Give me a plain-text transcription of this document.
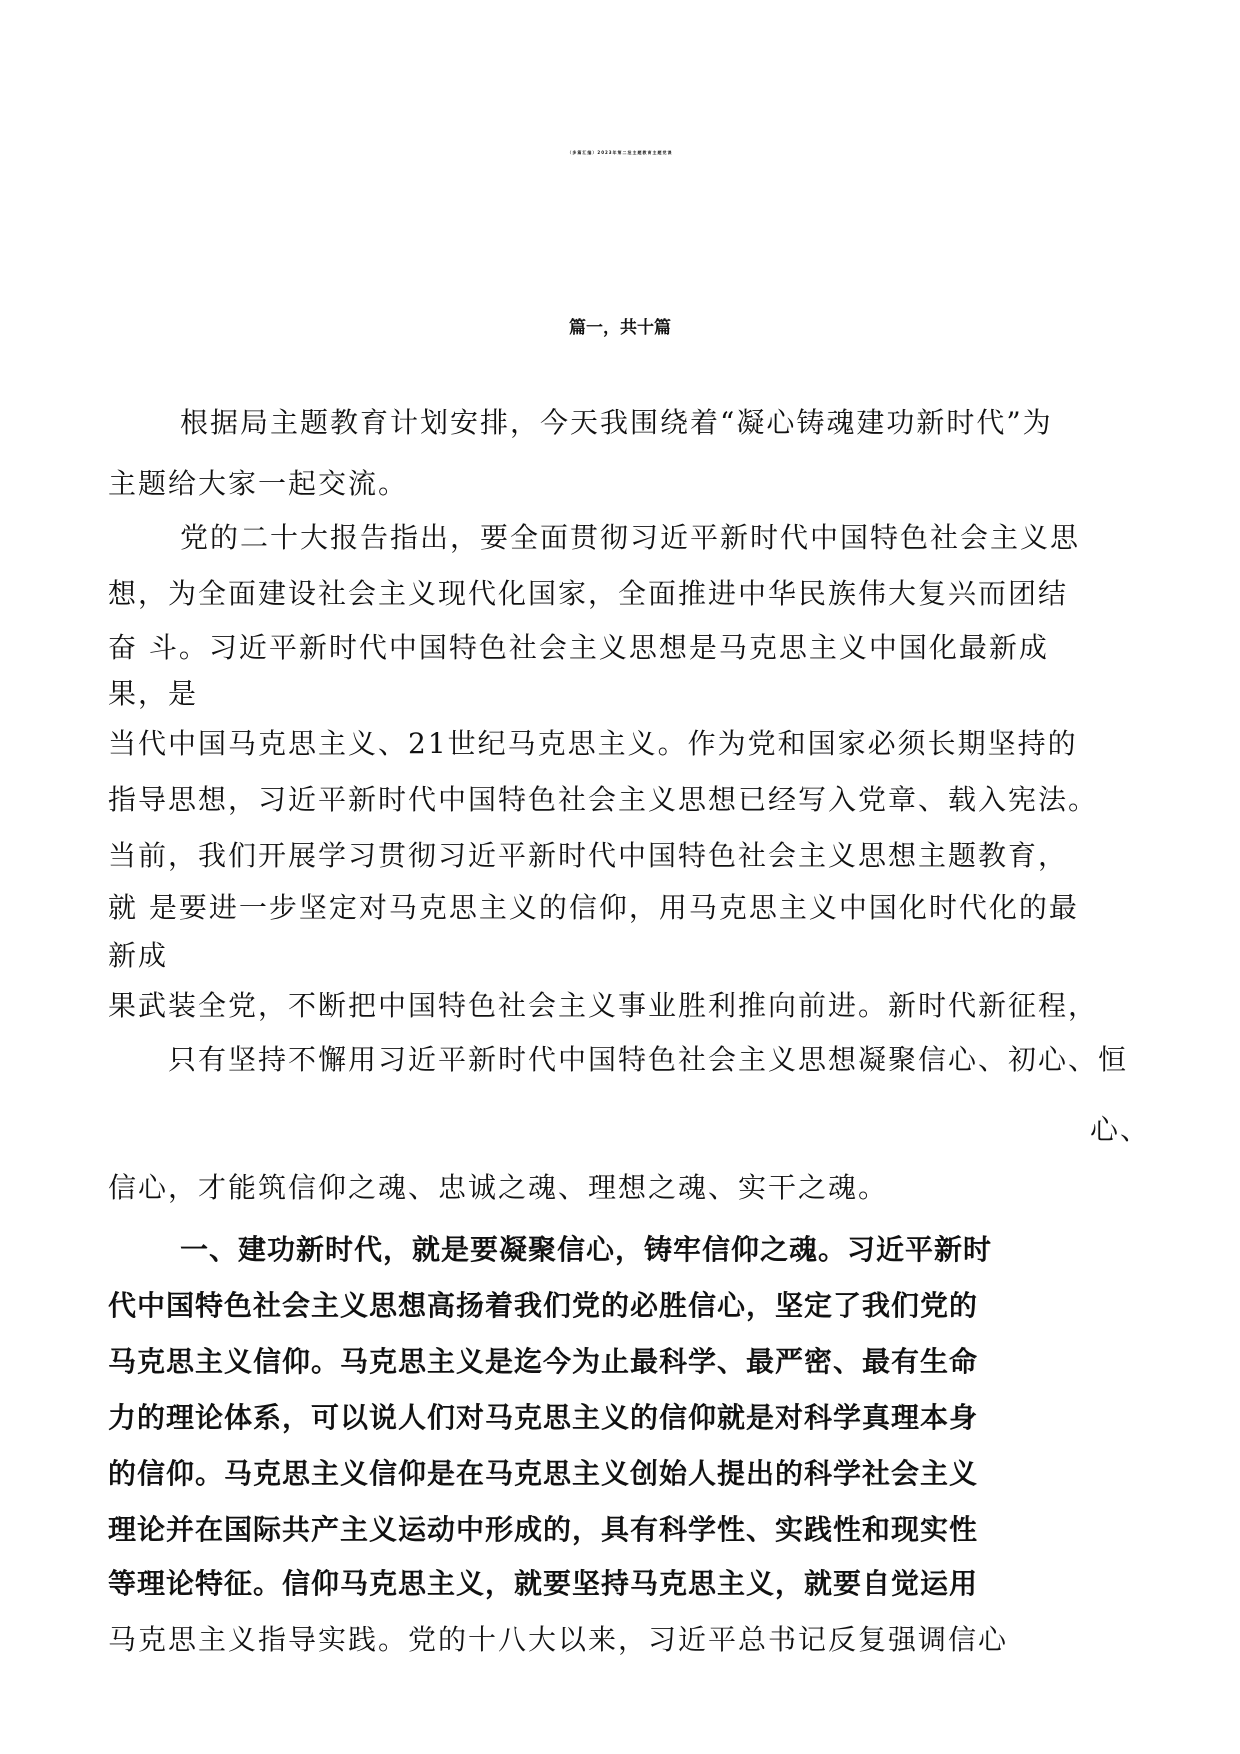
（多篇汇编）2023年第二批主题教育主题党课
篇一，共十篇
根据局主题教育计划安排，今天我围绕着“凝心铸魂建功新时代”为
主题给大家一起交流。
党的二十大报告指出，要全面贯彻习近平新时代中国特色社会主义思
想，为全面建设社会主义现代化国家，全面推进中华民族伟大复兴而团结
奋 斗。习近平新时代中国特色社会主义思想是马克思主义中国化最新成
果，是
当代中国马克思主义、21世纪马克思主义。作为党和国家必须长期坚持的
指导思想，习近平新时代中国特色社会主义思想已经写入党章、载入宪法。
当前，我们开展学习贯彻习近平新时代中国特色社会主义思想主题教育，
就 是要进一步坚定对马克思主义的信仰，用马克思主义中国化时代化的最
新成
果武装全党，不断把中国特色社会主义事业胜利推向前进。新时代新征程，
只有坚持不懈用习近平新时代中国特色社会主义思想凝聚信心、初心、恒
心、
信心，才能筑信仰之魂、忠诚之魂、理想之魂、实干之魂。
一、建功新时代，就是要凝聚信心，铸牢信仰之魂。习近平新时
代中国特色社会主义思想高扬着我们党的必胜信心，坚定了我们党的
马克思主义信仰。马克思主义是迄今为止最科学、最严密、最有生命
力的理论体系，可以说人们对马克思主义的信仰就是对科学真理本身
的信仰。马克思主义信仰是在马克思主义创始人提出的科学社会主义
理论并在国际共产主义运动中形成的，具有科学性、实践性和现实性
等理论特征。信仰马克思主义，就要坚持马克思主义，就要自觉运用
马克思主义指导实践。党的十八大以来，习近平总书记反复强调信心
